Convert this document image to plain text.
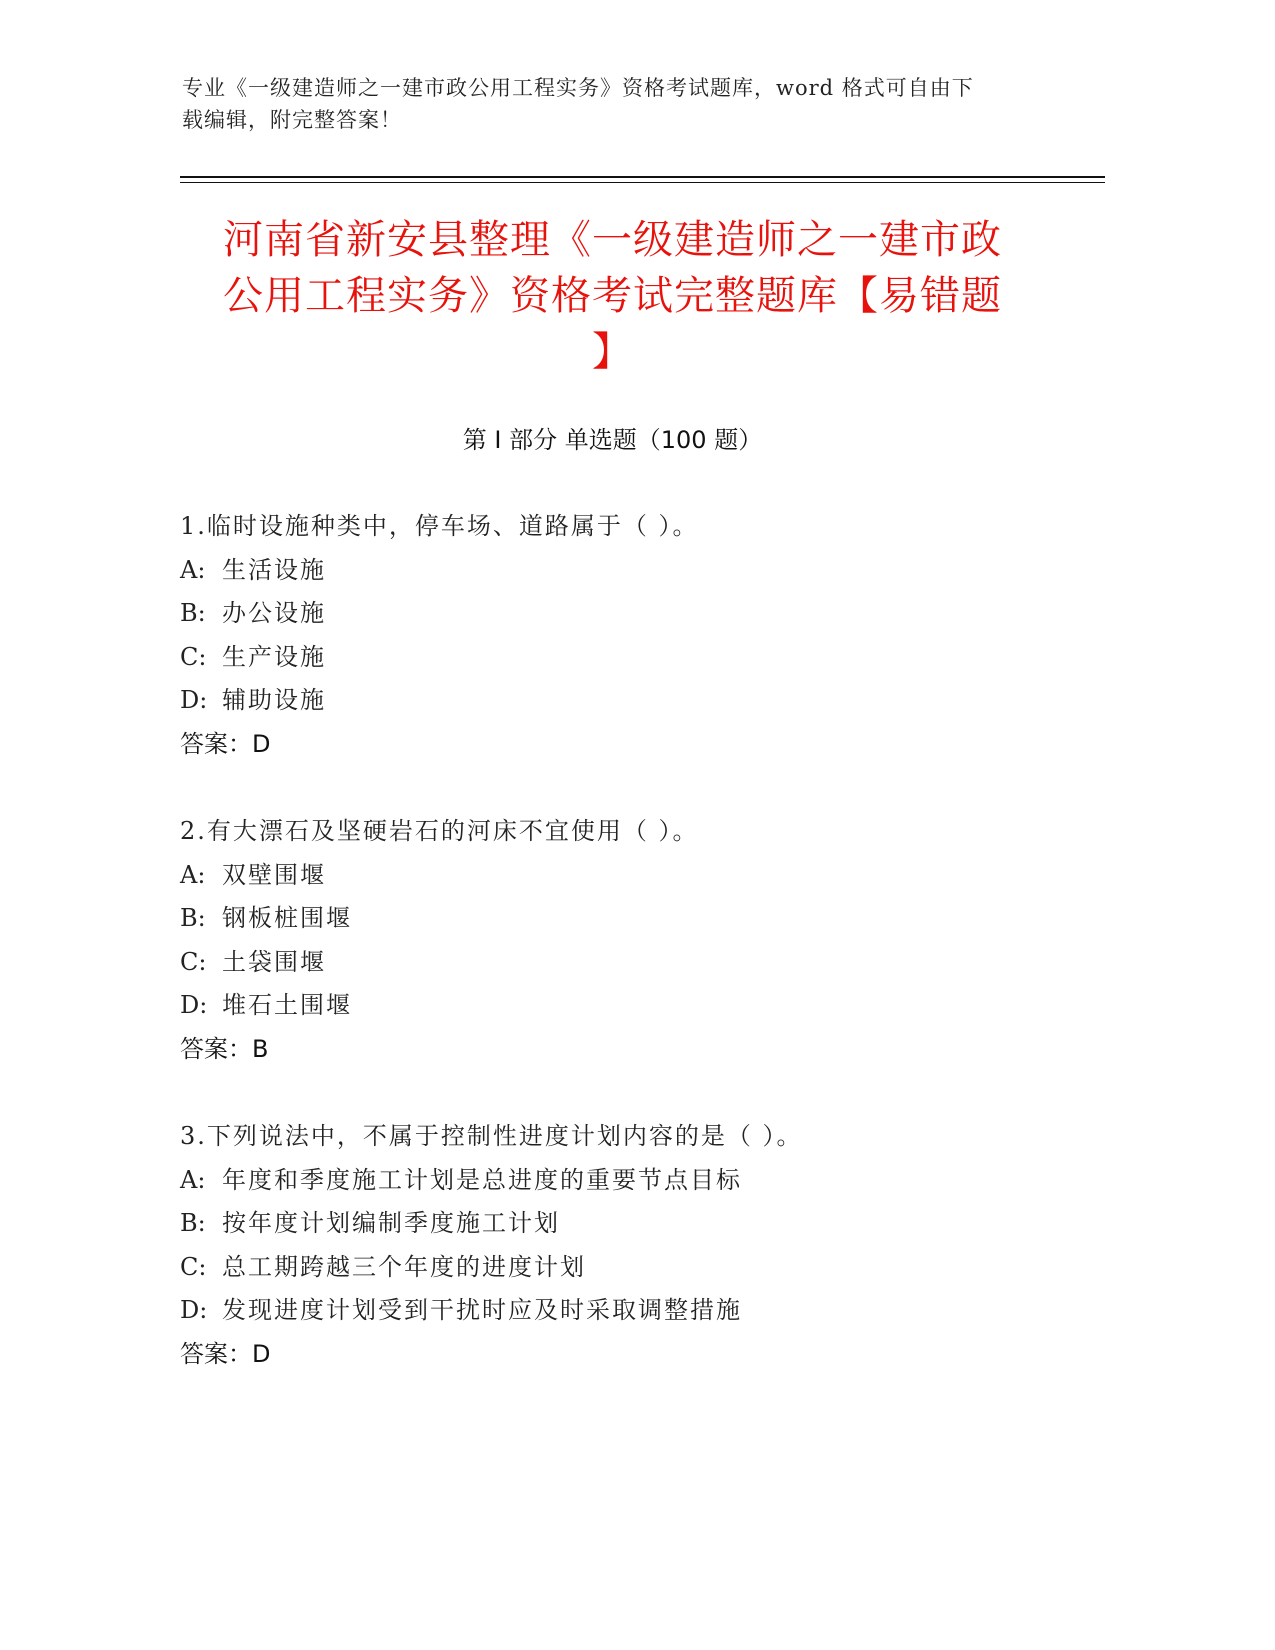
专业《一级建造师之一建市政公用工程实务》资格考试题库，word 格式可自由下
载编辑，附完整答案！
河南省新安县整理《一级建造师之一建市政
公用工程实务》资格考试完整题库【易错题
】
第 I 部分 单选题（100 题）
1.临时设施种类中，停车场、道路属于（ ）。
A: 生活设施
B: 办公设施
C: 生产设施
D: 辅助设施
答案：D
2.有大漂石及坚硬岩石的河床不宜使用（ ）。
A: 双壁围堰
B: 钢板桩围堰
C: 土袋围堰
D: 堆石土围堰
答案：B
3.下列说法中，不属于控制性进度计划内容的是（ ）。
A: 年度和季度施工计划是总进度的重要节点目标
B: 按年度计划编制季度施工计划
C: 总工期跨越三个年度的进度计划
D: 发现进度计划受到干扰时应及时采取调整措施
答案：D
